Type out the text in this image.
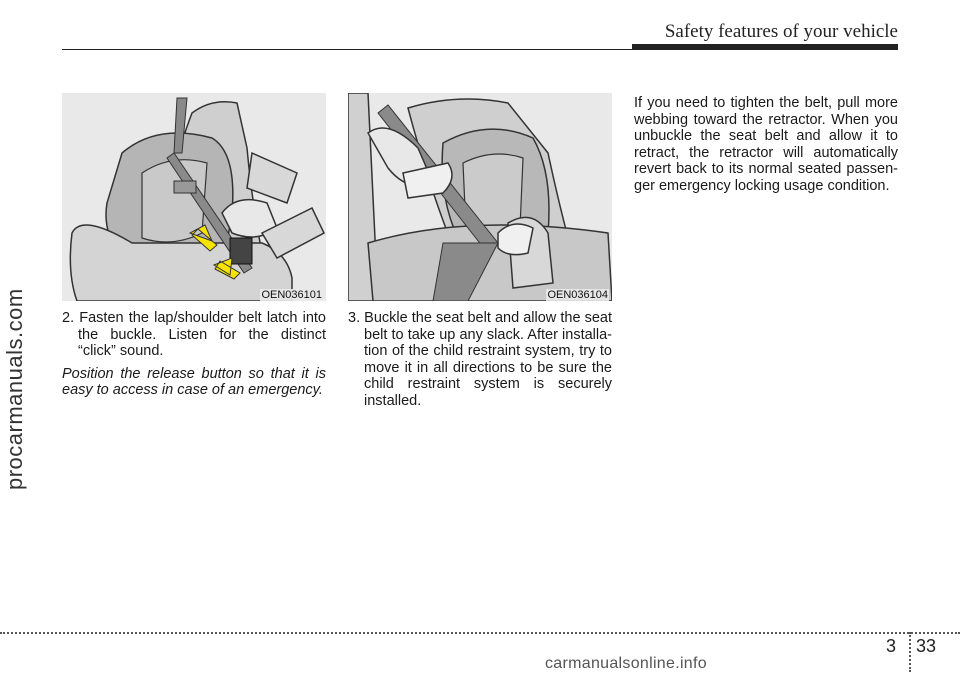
Safety features of your vehicle
procarmanuals.com	OEN036101	OEN036104

2. Fasten the lap/shoulder belt latch into the buckle. Listen for the distinct “click” sound.

Position the release button so that it is easy to access in case of an emergency.

3. Buckle the seat belt and allow the seat belt to take up any slack. After installa- tion of the child restraint system, try to move it in all directions to be sure the child restraint system is securely installed.

If you need to tighten the belt, pull more webbing toward the retractor. When you unbuckle the seat belt and allow it to retract, the retractor will automatically revert back to its normal seated passen- ger emergency locking usage condition.

3 33
carmanualsonline.info
